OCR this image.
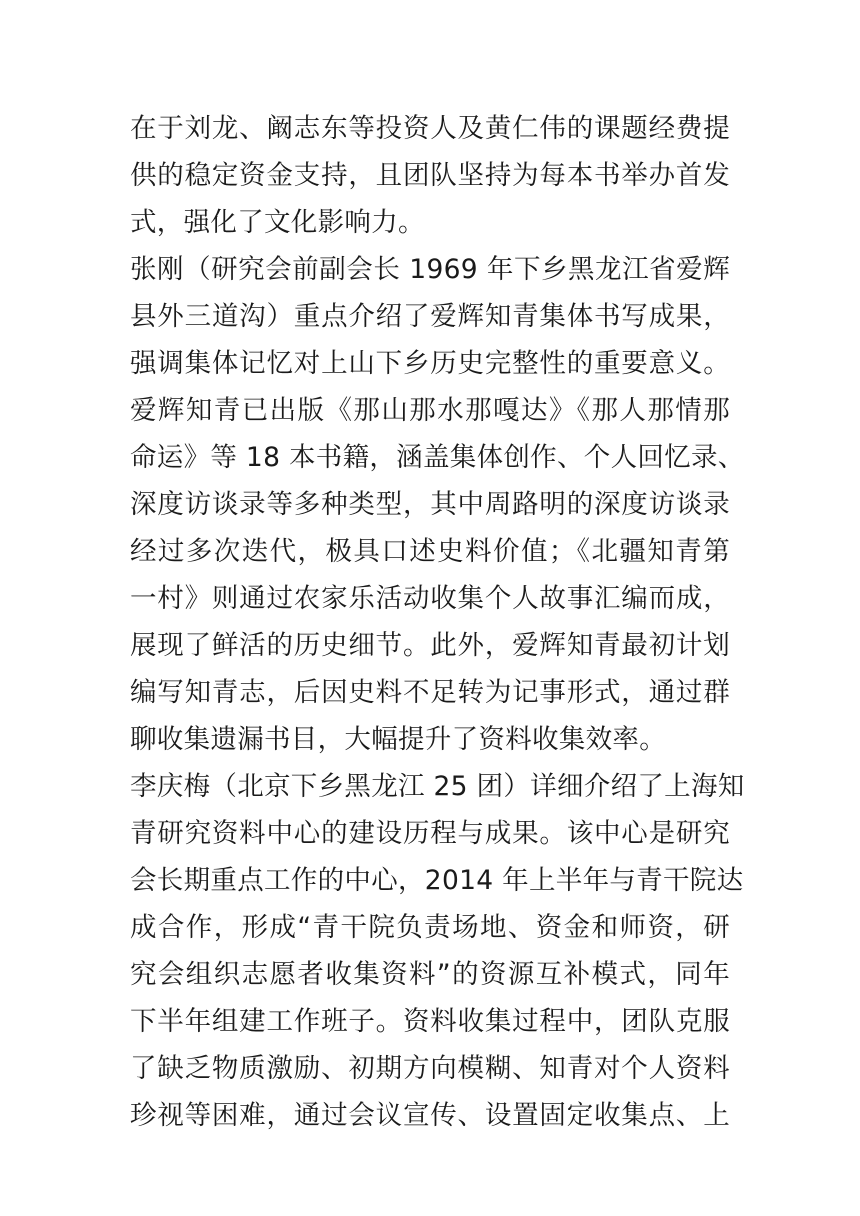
在于刘龙、阚志东等投资人及黄仁伟的课题经费提
供的稳定资金支持，且团队坚持为每本书举办首发
式，强化了文化影响力。
张刚（研究会前副会长 1969 年下乡黑龙江省爱辉
县外三道沟）重点介绍了爱辉知青集体书写成果，
强调集体记忆对上山下乡历史完整性的重要意义。
爱辉知青已出版《那山那水那嘎达》《那人那情那
命运》等 18 本书籍，涵盖集体创作、个人回忆录、
深度访谈录等多种类型，其中周路明的深度访谈录
经过多次迭代，极具口述史料价值；《北疆知青第
一村》则通过农家乐活动收集个人故事汇编而成，
展现了鲜活的历史细节。此外，爱辉知青最初计划
编写知青志，后因史料不足转为记事形式，通过群
聊收集遗漏书目，大幅提升了资料收集效率。
李庆梅（北京下乡黑龙江 25 团）详细介绍了上海知
青研究资料中心的建设历程与成果。该中心是研究
会长期重点工作的中心，2014 年上半年与青干院达
成合作，形成“青干院负责场地、资金和师资，研
究会组织志愿者收集资料”的资源互补模式，同年
下半年组建工作班子。资料收集过程中，团队克服
了缺乏物质激励、初期方向模糊、知青对个人资料
珍视等困难，通过会议宣传、设置固定收集点、上
